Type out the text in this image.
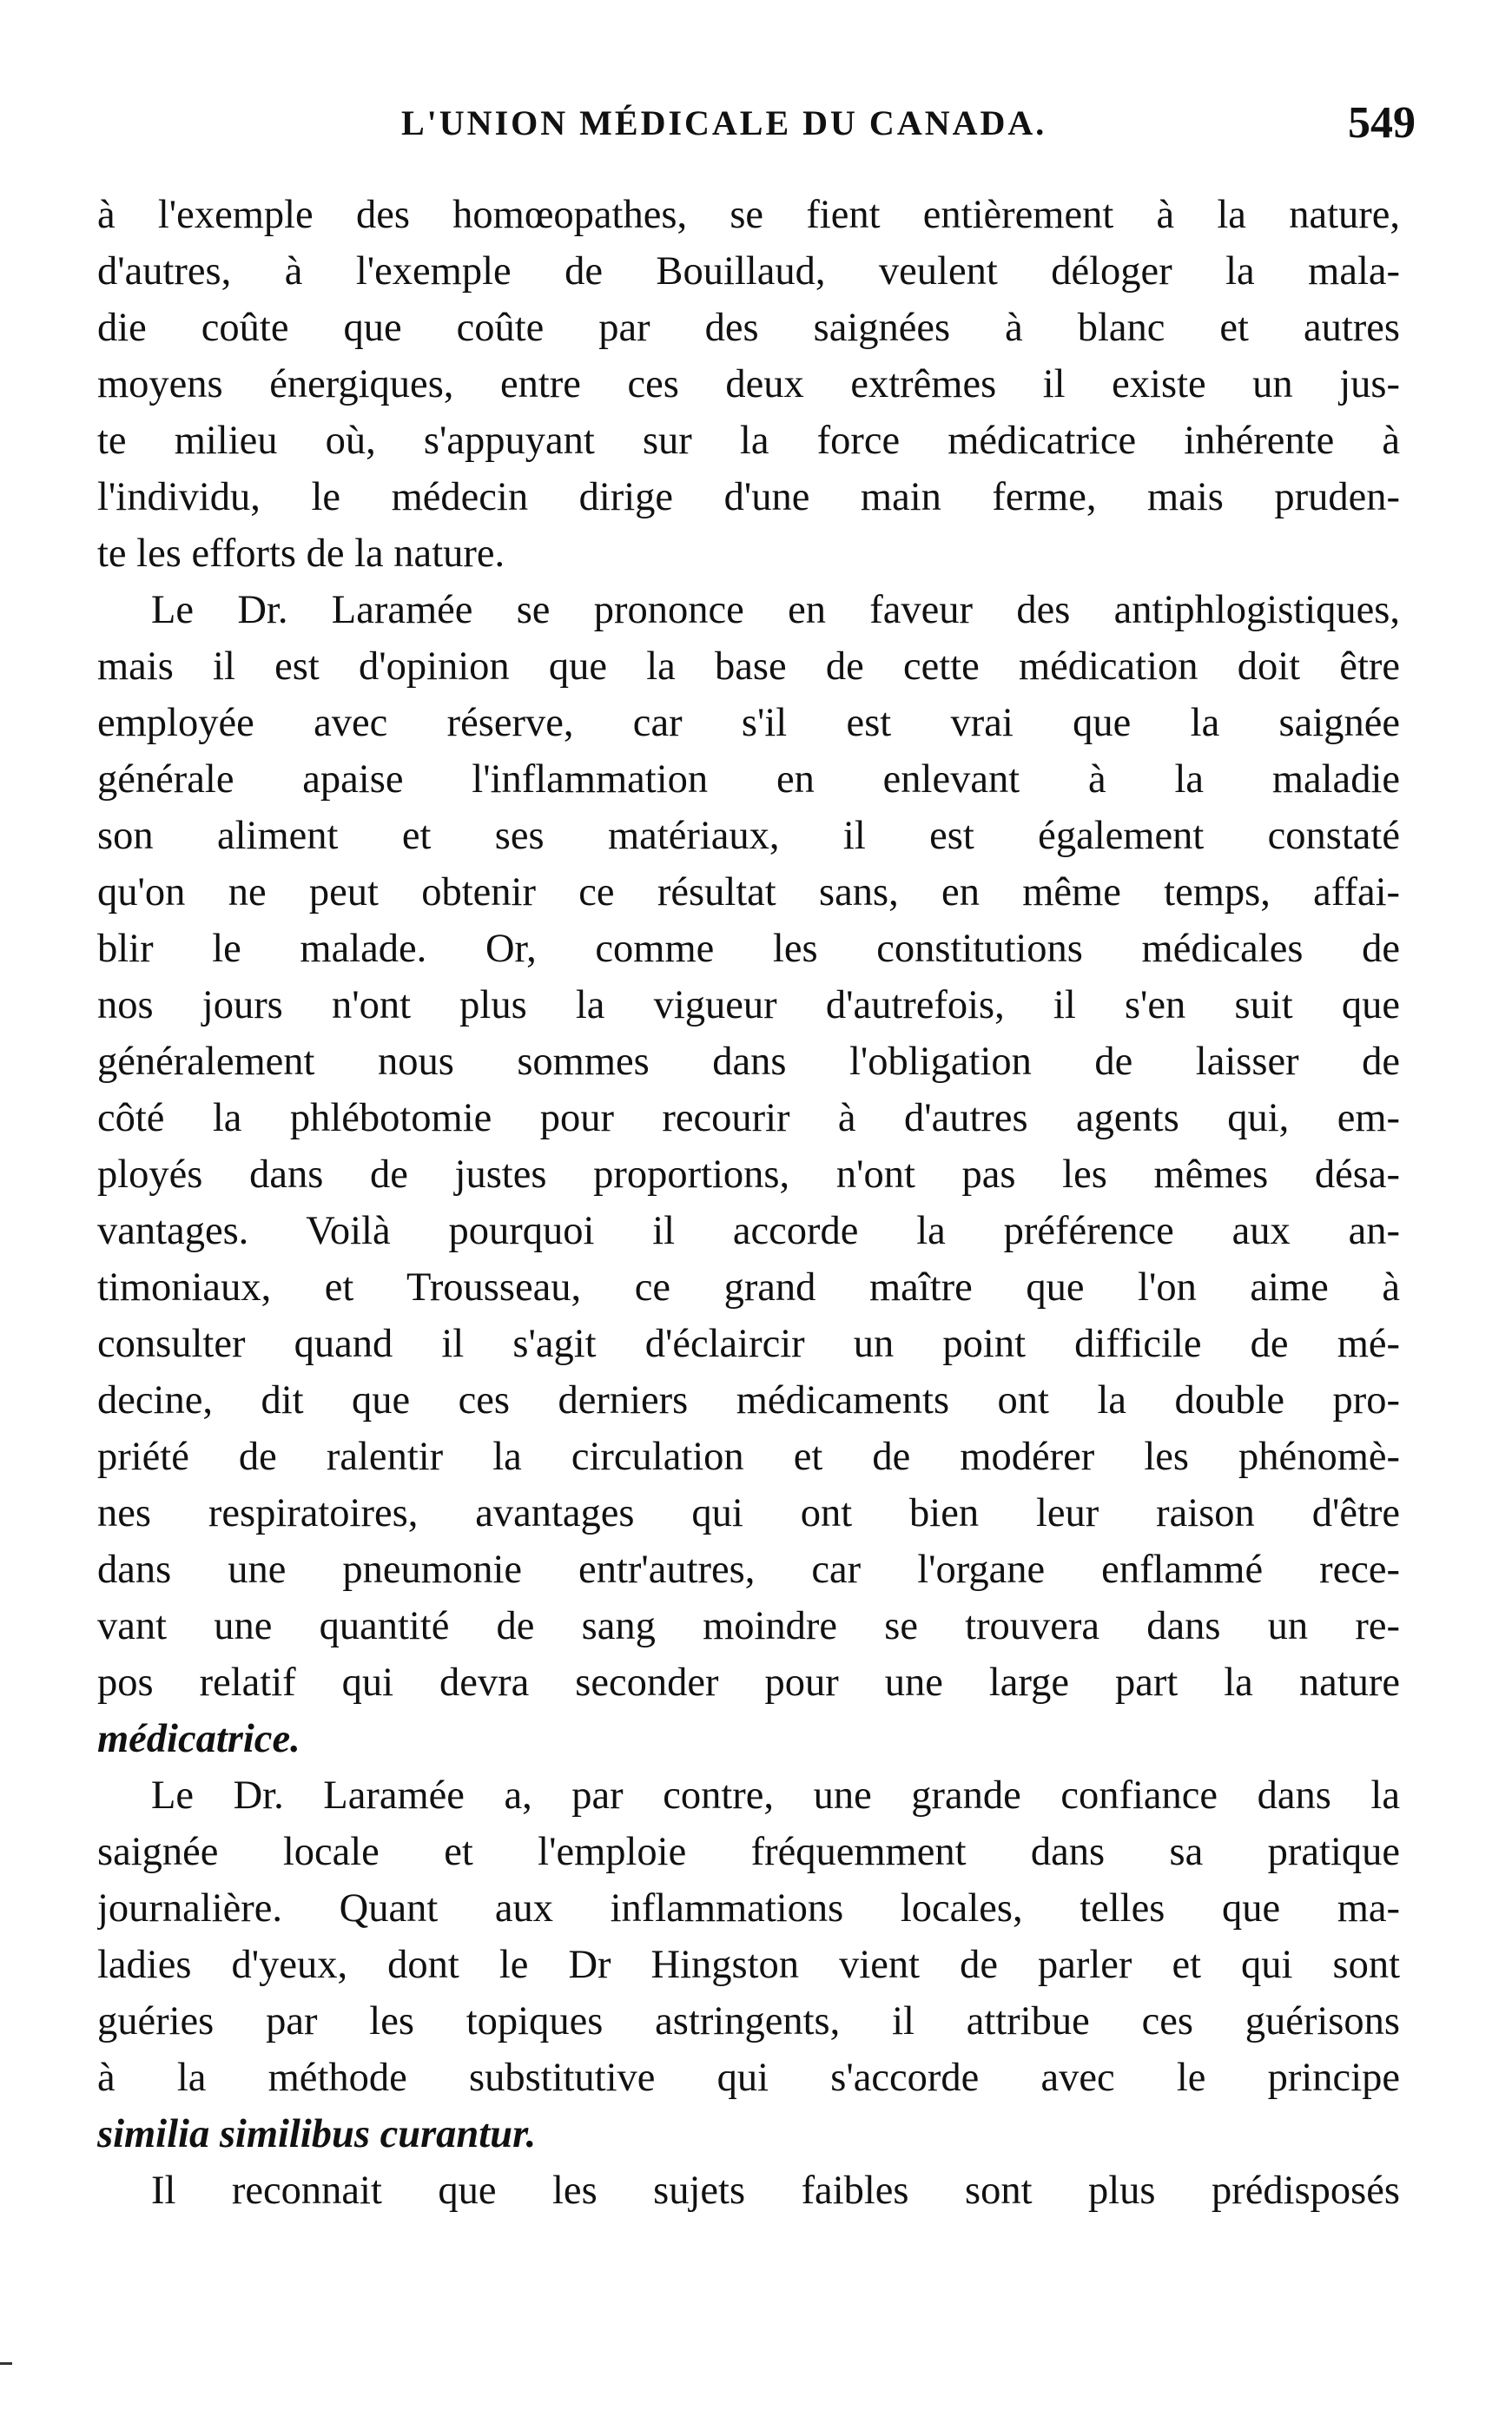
L'UNION MÉDICALE DU CANADA.	549
à l'exemple des homœopathes, se fient entièrement à la nature,
d'autres, à l'exemple de Bouillaud, veulent déloger la mala-
die coûte que coûte par des saignées à blanc et autres
moyens énergiques, entre ces deux extrêmes il existe un jus-
te milieu où, s'appuyant sur la force médicatrice inhérente à
l'individu, le médecin dirige d'une main ferme, mais pruden-
te les efforts de la nature.
Le Dr. Laramée se prononce en faveur des antiphlogistiques,
mais il est d'opinion que la base de cette médication doit être
employée avec réserve, car s'il est vrai que la saignée
générale apaise l'inflammation en enlevant à la maladie
son aliment et ses matériaux, il est également constaté
qu'on ne peut obtenir ce résultat sans, en même temps, affai-
blir le malade. Or, comme les constitutions médicales de
nos jours n'ont plus la vigueur d'autrefois, il s'en suit que
généralement nous sommes dans l'obligation de laisser de
côté la phlébotomie pour recourir à d'autres agents qui, em-
ployés dans de justes proportions, n'ont pas les mêmes désa-
vantages. Voilà pourquoi il accorde la préférence aux an-
timoniaux, et Trousseau, ce grand maître que l'on aime à
consulter quand il s'agit d'éclaircir un point difficile de mé-
decine, dit que ces derniers médicaments ont la double pro-
priété de ralentir la circulation et de modérer les phénomè-
nes respiratoires, avantages qui ont bien leur raison d'être
dans une pneumonie entr'autres, car l'organe enflammé rece-
vant une quantité de sang moindre se trouvera dans un re-
pos relatif qui devra seconder pour une large part la nature
médicatrice.
Le Dr. Laramée a, par contre, une grande confiance dans la
saignée locale et l'emploie fréquemment dans sa pratique
journalière. Quant aux inflammations locales, telles que ma-
ladies d'yeux, dont le Dr Hingston vient de parler et qui sont
guéries par les topiques astringents, il attribue ces guérisons
à la méthode substitutive qui s'accorde avec le principe
similia similibus curantur.
Il reconnait que les sujets faibles sont plus prédisposés
